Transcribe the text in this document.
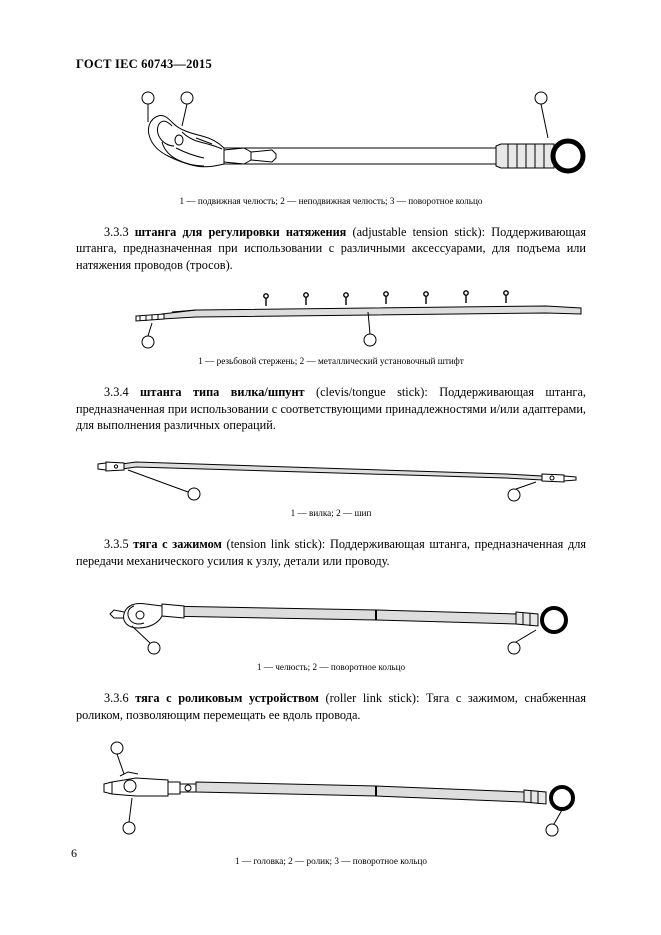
ГОСТ IEC 60743—2015

1 — подвижная челюсть; 2 — неподвижная челюсть; 3 — поворотное кольцо

3.3.3 штанга для регулировки натяжения (adjustable tension stick): Поддерживающая штанга, предназначенная при использовании с различными аксессуарами, для подъема или натяжения проводов (тросов).

1 — резьбовой стержень; 2 — металлический установочный штифт

3.3.4 штанга типа вилка/шпунт (clevis/tongue stick): Поддерживающая штанга, предназначенная при использовании с соответствующими принадлежностями и/или адаптерами, для выполнения различных операций.

1 — вилка; 2 — шип

3.3.5 тяга с зажимом (tension link stick): Поддерживающая штанга, предназначенная для передачи механического усилия к узлу, детали или проводу.

1 — челюсть; 2 — поворотное кольцо

3.3.6 тяга с роликовым устройством (roller link stick): Тяга с зажимом, снабженная роликом, позволяющим перемещать ее вдоль провода.

1 — головка; 2 — ролик; 3 — поворотное кольцо

6
